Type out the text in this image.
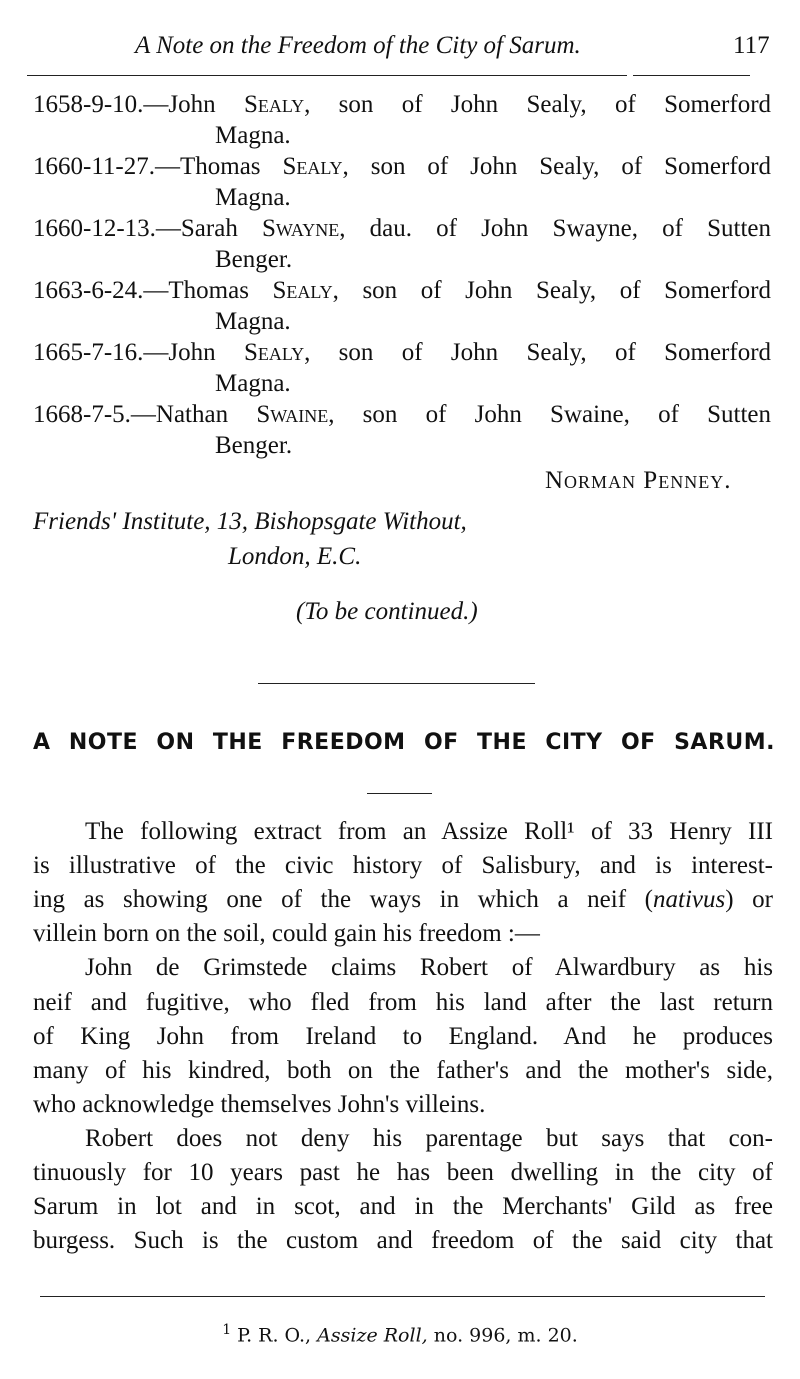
A Note on the Freedom of the City of Sarum.	117
1658-9-10.—John Sealy, son of John Sealy, of Somerford
Magna.
1660-11-27.—Thomas Sealy, son of John Sealy, of Somerford
Magna.
1660-12-13.—Sarah Swayne, dau. of John Swayne, of Sutten
Benger.
1663-6-24.—Thomas Sealy, son of John Sealy, of Somerford
Magna.
1665-7-16.—John Sealy, son of John Sealy, of Somerford
Magna.
1668-7-5.—Nathan Swaine, son of John Swaine, of Sutten
Benger.
Norman Penney.
Friends' Institute, 13, Bishopsgate Without,
London, E.C.
(To be continued.)
A NOTE ON THE FREEDOM OF THE CITY OF SARUM.
The following extract from an Assize Roll¹ of 33 Henry III
is illustrative of the civic history of Salisbury, and is interest-
ing as showing one of the ways in which a neif (nativus) or
villein born on the soil, could gain his freedom :—
John de Grimstede claims Robert of Alwardbury as his
neif and fugitive, who fled from his land after the last return
of King John from Ireland to England. And he produces
many of his kindred, both on the father's and the mother's side,
who acknowledge themselves John's villeins.
Robert does not deny his parentage but says that con-
tinuously for 10 years past he has been dwelling in the city of
Sarum in lot and in scot, and in the Merchants' Gild as free
burgess. Such is the custom and freedom of the said city that
$^1$ P. R. O., Assize Roll, no. 996, m. 20.
